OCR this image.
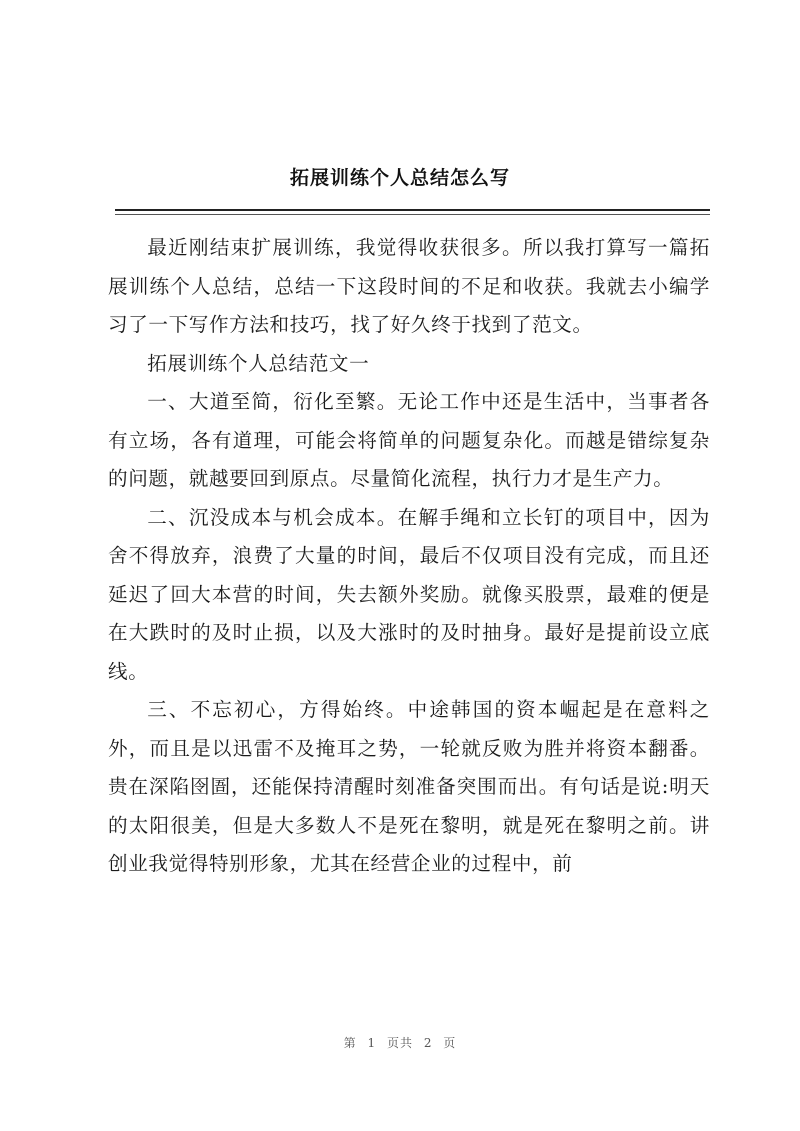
拓展训练个人总结怎么写

最近刚结束扩展训练，我觉得收获很多。所以我打算写一篇拓展训练个人总结，总结一下这段时间的不足和收获。我就去小编学习了一下写作方法和技巧，找了好久终于找到了范文。

拓展训练个人总结范文一

一、大道至简，衍化至繁。无论工作中还是生活中，当事者各有立场，各有道理，可能会将简单的问题复杂化。而越是错综复杂的问题，就越要回到原点。尽量简化流程，执行力才是生产力。

二、沉没成本与机会成本。在解手绳和立长钉的项目中，因为舍不得放弃，浪费了大量的时间，最后不仅项目没有完成，而且还延迟了回大本营的时间，失去额外奖励。就像买股票，最难的便是在大跌时的及时止损，以及大涨时的及时抽身。最好是提前设立底线。

三、不忘初心，方得始终。中途韩国的资本崛起是在意料之外，而且是以迅雷不及掩耳之势，一轮就反败为胜并将资本翻番。贵在深陷囹圄，还能保持清醒时刻准备突围而出。有句话是说:明天的太阳很美，但是大多数人不是死在黎明，就是死在黎明之前。讲创业我觉得特别形象，尤其在经营企业的过程中，前

第 1 页共 2 页
